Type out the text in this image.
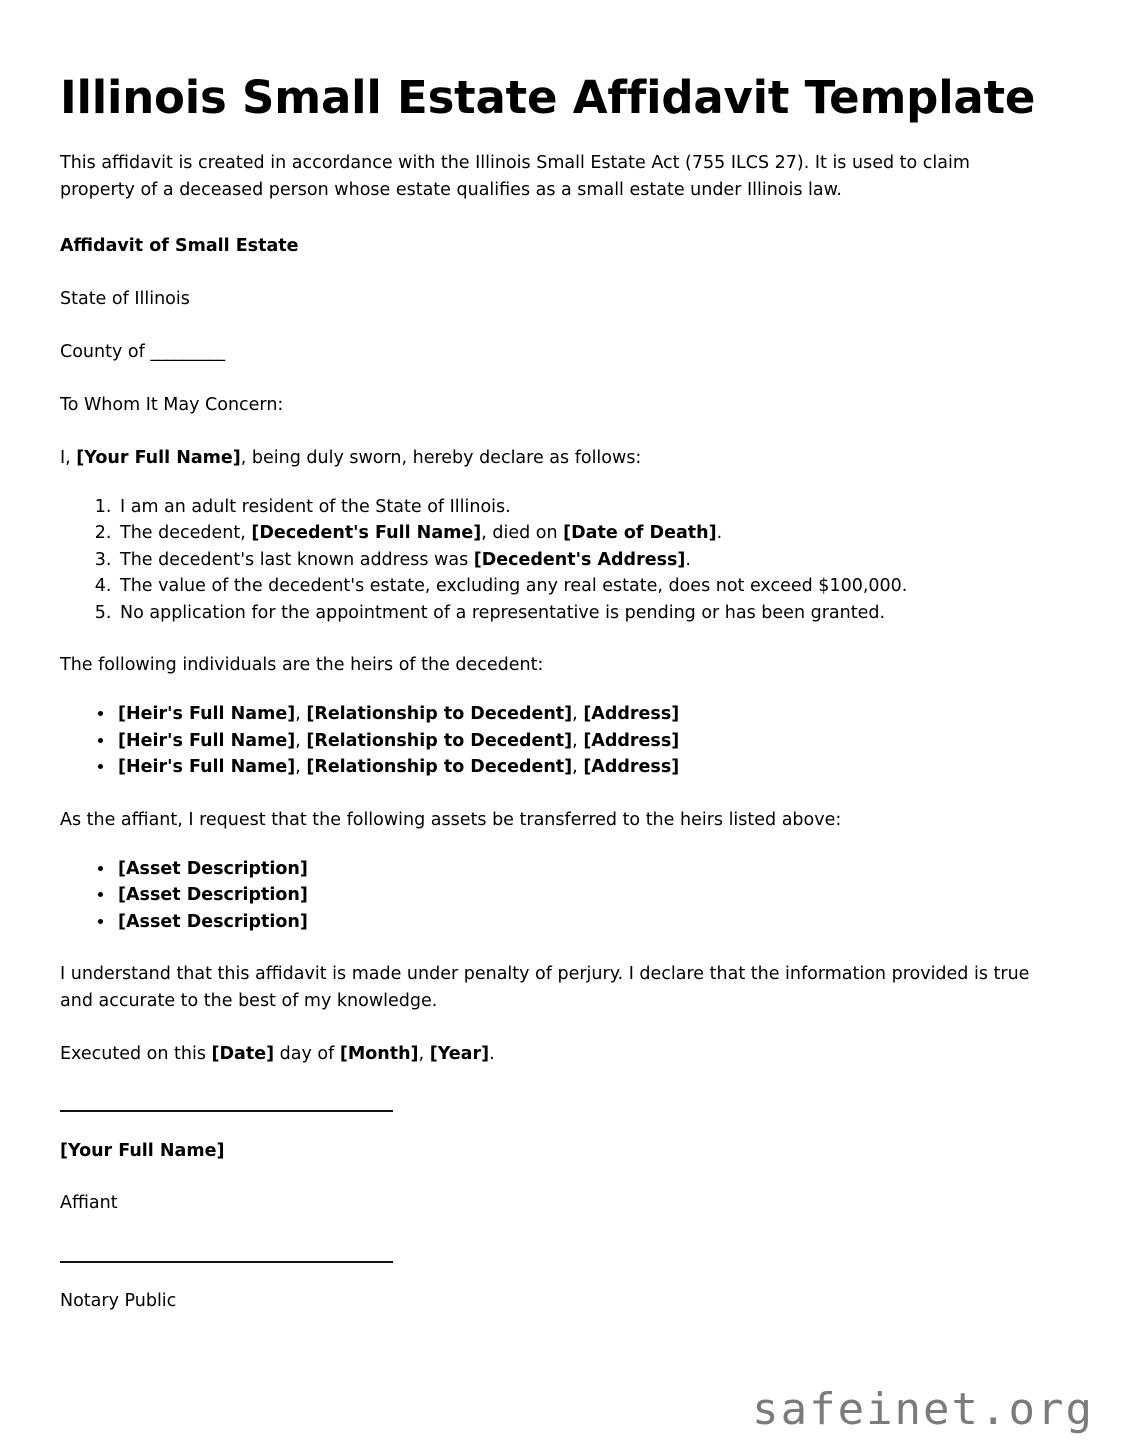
Illinois Small Estate Affidavit Template

This affidavit is created in accordance with the Illinois Small Estate Act (755 ILCS 27). It is used to claim property of a deceased person whose estate qualifies as a small estate under Illinois law.

Affidavit of Small Estate

State of Illinois

County of _________

To Whom It May Concern:

I, [Your Full Name], being duly sworn, hereby declare as follows:

1. I am an adult resident of the State of Illinois.
2. The decedent, [Decedent's Full Name], died on [Date of Death].
3. The decedent's last known address was [Decedent's Address].
4. The value of the decedent's estate, excluding any real estate, does not exceed $100,000.
5. No application for the appointment of a representative is pending or has been granted.

The following individuals are the heirs of the decedent:

• [Heir's Full Name], [Relationship to Decedent], [Address]
• [Heir's Full Name], [Relationship to Decedent], [Address]
• [Heir's Full Name], [Relationship to Decedent], [Address]

As the affiant, I request that the following assets be transferred to the heirs listed above:

• [Asset Description]
• [Asset Description]
• [Asset Description]

I understand that this affidavit is made under penalty of perjury. I declare that the information provided is true and accurate to the best of my knowledge.

Executed on this [Date] day of [Month], [Year].

[Your Full Name]

Affiant

Notary Public

safeinet.org
